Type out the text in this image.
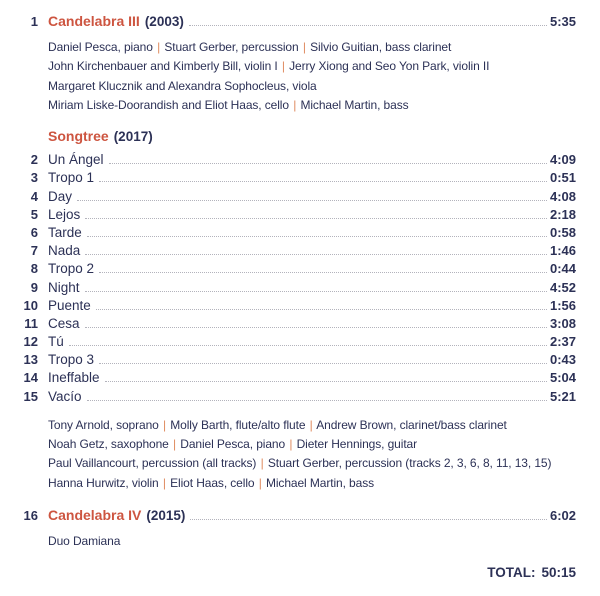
1 Candelabra III (2003)	5:35
Daniel Pesca, piano | Stuart Gerber, percussion | Silvio Guitian, bass clarinet
John Kirchenbauer and Kimberly Bill, violin I | Jerry Xiong and Seo Yon Park, violin II
Margaret Klucznik and Alexandra Sophocleus, viola
Miriam Liske-Doorandish and Eliot Haas, cello | Michael Martin, bass
Songtree (2017)
2 Un Ángel	4:09
3 Tropo 1	0:51
4 Day	4:08
5 Lejos	2:18
6 Tarde	0:58
7 Nada	1:46
8 Tropo 2	0:44
9 Night	4:52
10 Puente	1:56
11 Cesa	3:08
12 Tú	2:37
13 Tropo 3	0:43
14 Ineffable	5:04
15 Vacío	5:21
Tony Arnold, soprano | Molly Barth, flute/alto flute | Andrew Brown, clarinet/bass clarinet
Noah Getz, saxophone | Daniel Pesca, piano | Dieter Hennings, guitar
Paul Vaillancourt, percussion (all tracks) | Stuart Gerber, percussion (tracks 2, 3, 6, 8, 11, 13, 15)
Hanna Hurwitz, violin | Eliot Haas, cello | Michael Martin, bass
16 Candelabra IV (2015)	6:02
Duo Damiana
TOTAL: 50:15
